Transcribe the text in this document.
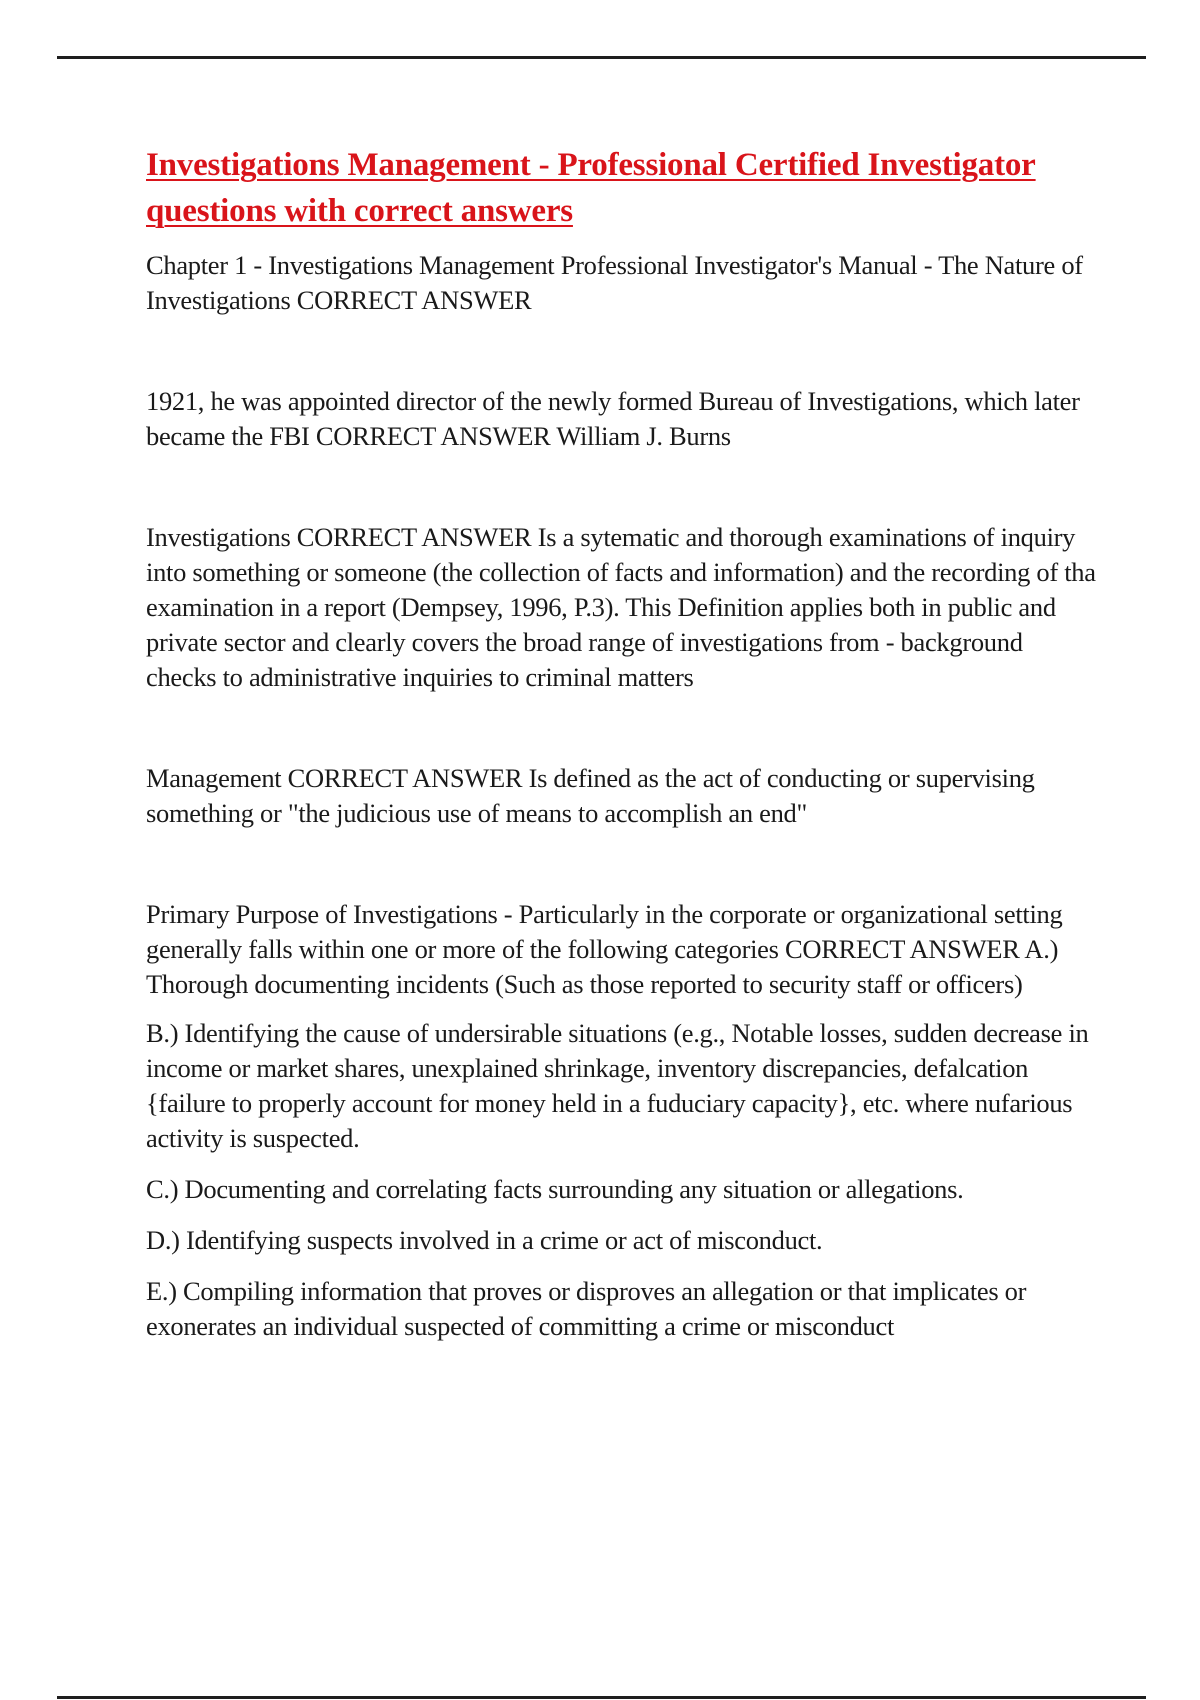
Investigations Management - Professional Certified Investigator questions with correct answers

Chapter 1 - Investigations Management Professional Investigator's Manual - The Nature of Investigations CORRECT ANSWER

1921, he was appointed director of the newly formed Bureau of Investigations, which later became the FBI CORRECT ANSWER William J. Burns

Investigations CORRECT ANSWER Is a sytematic and thorough examinations of inquiry into something or someone (the collection of facts and information) and the recording of tha examination in a report (Dempsey, 1996, P.3). This Definition applies both in public and private sector and clearly covers the broad range of investigations from - background checks to administrative inquiries to criminal matters

Management CORRECT ANSWER Is defined as the act of conducting or supervising something or "the judicious use of means to accomplish an end"

Primary Purpose of Investigations - Particularly in the corporate or organizational setting generally falls within one or more of the following categories CORRECT ANSWER A.) Thorough documenting incidents (Such as those reported to security staff or officers)

B.) Identifying the cause of undersirable situations (e.g., Notable losses, sudden decrease in income or market shares, unexplained shrinkage, inventory discrepancies, defalcation {failure to properly account for money held in a fuduciary capacity}, etc. where nufarious activity is suspected.

C.) Documenting and correlating facts surrounding any situation or allegations.

D.) Identifying suspects involved in a crime or act of misconduct.

E.) Compiling information that proves or disproves an allegation or that implicates or exonerates an individual suspected of committing a crime or misconduct
